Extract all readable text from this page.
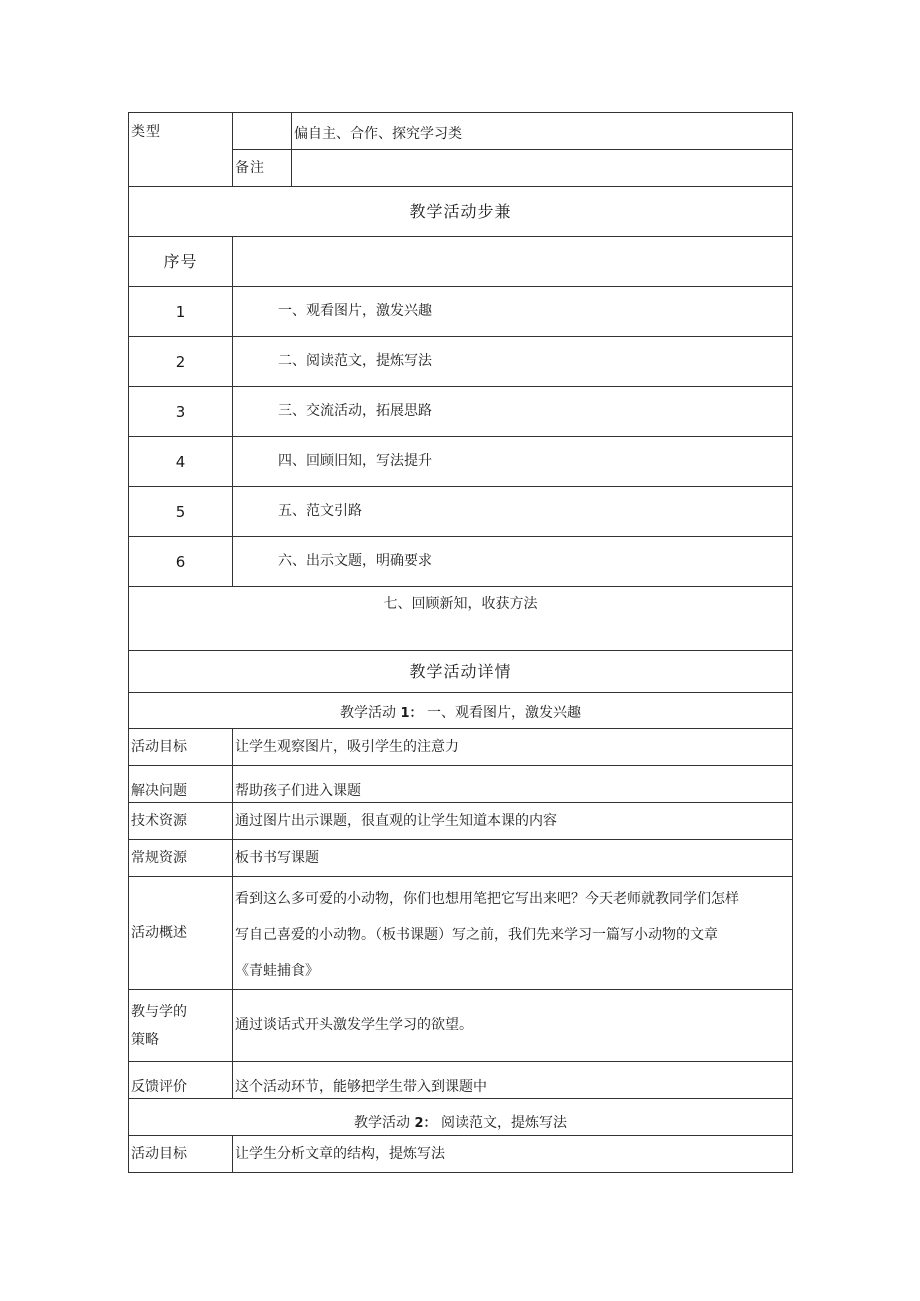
类型		偏自主、合作、探究学习类
	备注	
教学活动步兼		
序号		
1	一、观看图片，激发兴趣	
2	二、阅读范文，提炼写法	
3	三、交流活动，拓展思路	
4	四、回顾旧知，写法提升	
5	五、范文引路	
6	六、出示文题，明确要求	
七、回顾新知，收获方法		
教学活动详情		
教学活动 1： 一、观看图片，激发兴趣		
活动目标	让学生观察图片，吸引学生的注意力	
解决问题	帮助孩子们进入课题	
技术资源	通过图片出示课题，很直观的让学生知道本课的内容	
常规资源	板书书写课题	
活动概述	看到这么多可爱的小动物，你们也想用笔把它写出来吧？今天老师就教同学们怎样
写自己喜爱的小动物。（板书课题）写之前，我们先来学习一篇写小动物的文章
《青蛙捕食》	

教与学的
策略	通过谈话式开头激发学生学习的欲望。	
反馈评价	这个活动环节，能够把学生带入到课题中	
教学活动 2： 阅读范文，提炼写法		
活动目标	让学生分析文章的结构，提炼写法	
